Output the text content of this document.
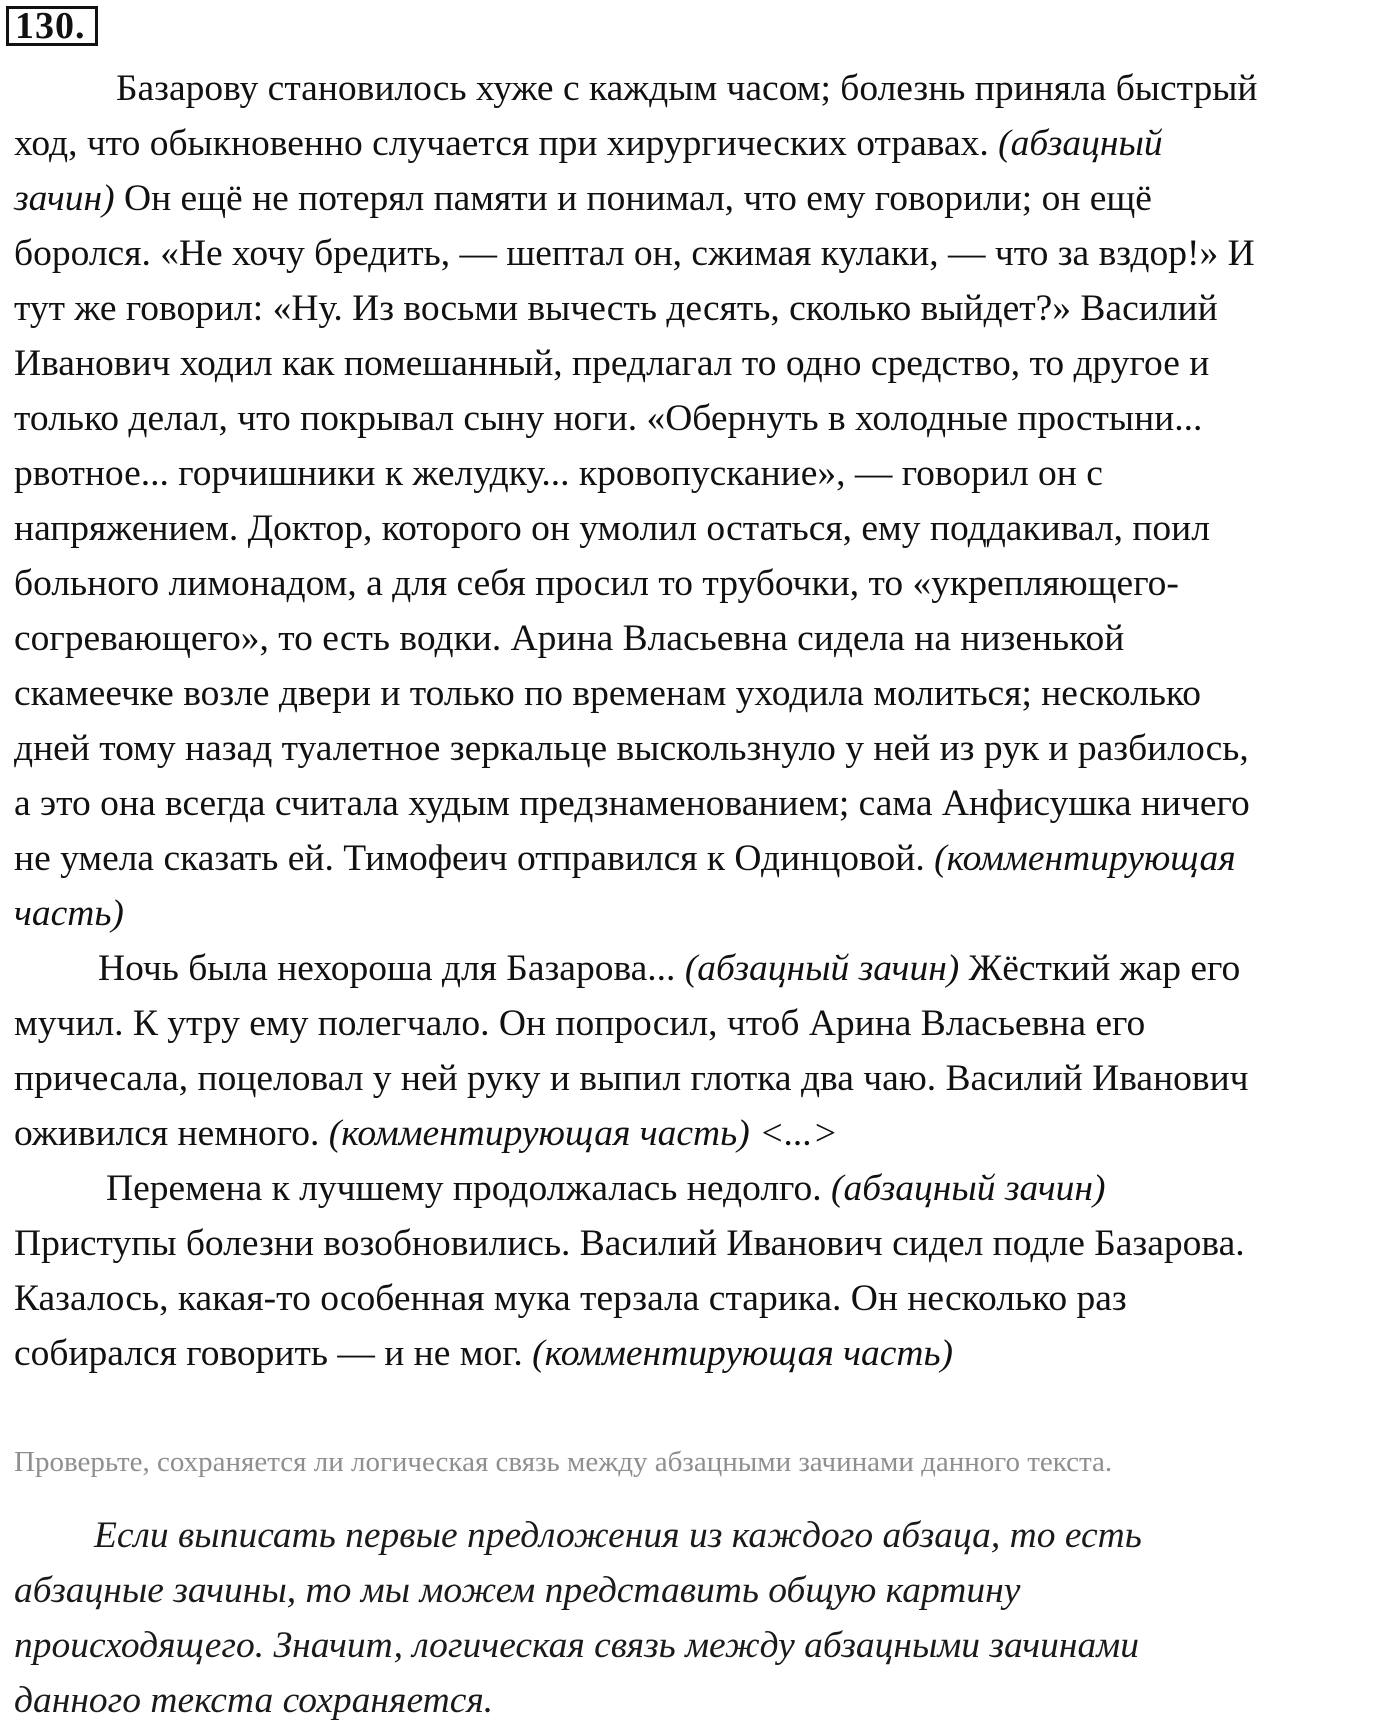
130.
Базарову становилось хуже с каждым часом; болезнь приняла быстрый
ход, что обыкновенно случается при хирургических отравах. (абзацный
зачин) Он ещё не потерял памяти и понимал, что ему говорили; он ещё
боролся. «Не хочу бредить, — шептал он, сжимая кулаки, — что за вздор!» И
тут же говорил: «Ну. Из восьми вычесть десять, сколько выйдет?» Василий
Иванович ходил как помешанный, предлагал то одно средство, то другое и
только делал, что покрывал сыну ноги. «Обернуть в холодные простыни...
рвотное... горчишники к желудку... кровопускание», — говорил он с
напряжением. Доктор, которого он умолил остаться, ему поддакивал, поил
больного лимонадом, а для себя просил то трубочки, то «укрепляющего-
согревающего», то есть водки. Арина Власьевна сидела на низенькой
скамеечке возле двери и только по временам уходила молиться; несколько
дней тому назад туалетное зеркальце выскользнуло у ней из рук и разбилось,
а это она всегда считала худым предзнаменованием; сама Анфисушка ничего
не умела сказать ей. Тимофеич отправился к Одинцовой. (комментирующая
часть)
Ночь была нехороша для Базарова... (абзацный зачин) Жёсткий жар его
мучил. К утру ему полегчало. Он попросил, чтоб Арина Власьевна его
причесала, поцеловал у ней руку и выпил глотка два чаю. Василий Иванович
оживился немного. (комментирующая часть) <...>
Перемена к лучшему продолжалась недолго. (абзацный зачин)
Приступы болезни возобновились. Василий Иванович сидел подле Базарова.
Казалось, какая-то особенная мука терзала старика. Он несколько раз
собирался говорить — и не мог. (комментирующая часть)
Проверьте, сохраняется ли логическая связь между абзацными зачинами данного текста.
Если выписать первые предложения из каждого абзаца, то есть
абзацные зачины, то мы можем представить общую картину
происходящего. Значит, логическая связь между абзацными зачинами
данного текста сохраняется.
